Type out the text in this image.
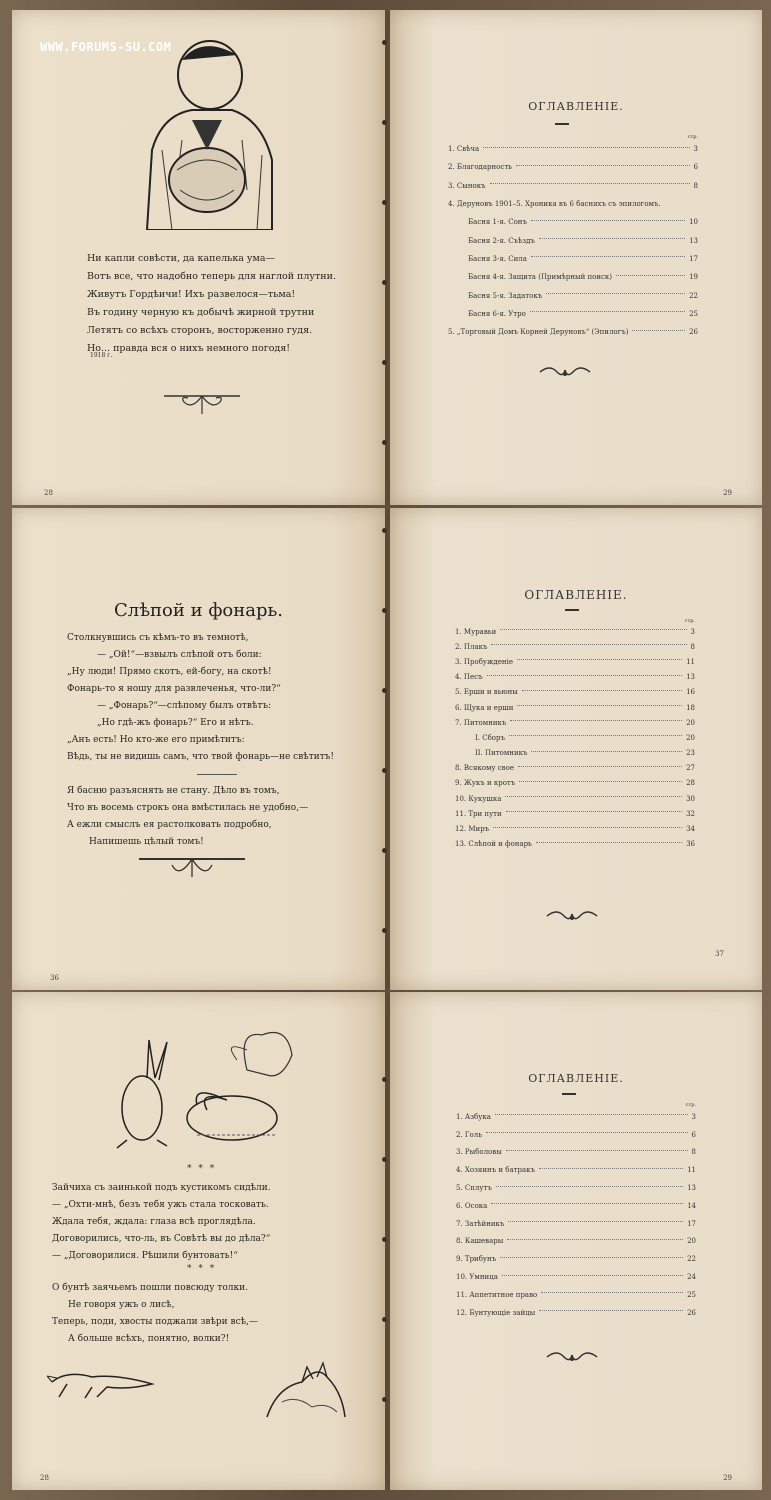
WWW.FORUMS-SU.COM
Ни капли совѣсти, да капелька ума—
Вотъ все, что надобно теперь для наглой плутни.
Живутъ Гордѣичи! Ихъ развелося—тьма!
Въ годину черную къ добычѣ жирной трутни
Летятъ со всѣхъ сторонъ, восторженно гудя.
Но... правда вся о нихъ немного погодя!
1918 г.
28
ОГЛАВЛЕНІЕ.
стр.
1. Свѣча	3
2. Благодарность	6
3. Сынокъ	8
4. Деруновъ 1901–5. Хроника въ 6 басняхъ съ эпилогомъ.
Басня 1-я. Сонъ	10
Басня 2-я. Съѣздъ	13
Басня 3-я. Сила	17
Басня 4-я. Защита (Примѣрный поиск)	19
Басня 5-я. Задатокъ	22
Басня 6-я. Утро	25
5. „Торговый Домъ Корней Деруновъ“ (Эпилогъ)	26
29
Слѣпой и фонарь.
Столкнувшись съ кѣмъ-то въ темнотѣ,
— „Ой!“—взвылъ слѣпой отъ боли:
„Ну люди! Прямо скотъ, ей-богу, на скотѣ!
Фонарь-то я ношу для развлеченья, что-ли?“
— „Фонарь?“—слѣпому былъ отвѣтъ:
„Но гдѣ-жъ фонарь?“ Его и нѣтъ.
„Анъ есть! Но кто-же его примѣтитъ:
Вѣдь, ты не видишь самъ, что твой фонарь—не свѣтитъ!
Я басню разъяснять не стану. Дѣло въ томъ,
Что въ восемь строкъ она вмѣстилась не удобно,—
А ежли смыслъ ея растолковать подробно,
Напишешь цѣлый томъ!
36
ОГЛАВЛЕНІЕ.
стр.
1. Муравьи	3
2. Плакъ	8
3. Пробужденіе	11
4. Песъ	13
5. Ерши и вьюны	16
6. Щука и ерши	18
7. Питомникъ	20
I. Сборъ	20
II. Питомникъ	23
8. Всякому свое	27
9. Жукъ и кротъ	28
10. Кукушка	30
11. Три пути	32
12. Миръ	34
13. Слѣпой и фонарь	36
37
* * *
Зайчиха съ заинькой подъ кустикомъ сидѣли.
— „Охти-мнѣ, безъ тебя ужъ стала тосковать.
Ждала тебя, ждала: глаза всѣ проглядѣла.
Договорились, что-ль, въ Совѣтѣ вы до дѣла?“
— „Договорилися. Рѣшили бунтовать!“
* * *
О бунтѣ заячьемъ пошли повсюду толки.
Не говоря ужъ о лисѣ,
Теперь, поди, хвосты поджали звѣри всѣ,—
А больше всѣхъ, понятно, волки?!
28
ОГЛАВЛЕНІЕ.
стр.
1. Азбука	3
2. Голь	6
3. Рыболовы	8
4. Хозяинъ и батракъ	11
5. Сплутъ	13
6. Осока	14
7. Затѣйникъ	17
8. Кашевары	20
9. Трибунъ	22
10. Умница	24
11. Аппетитное право	25
12. Бунтующіе зайцы	26
29
